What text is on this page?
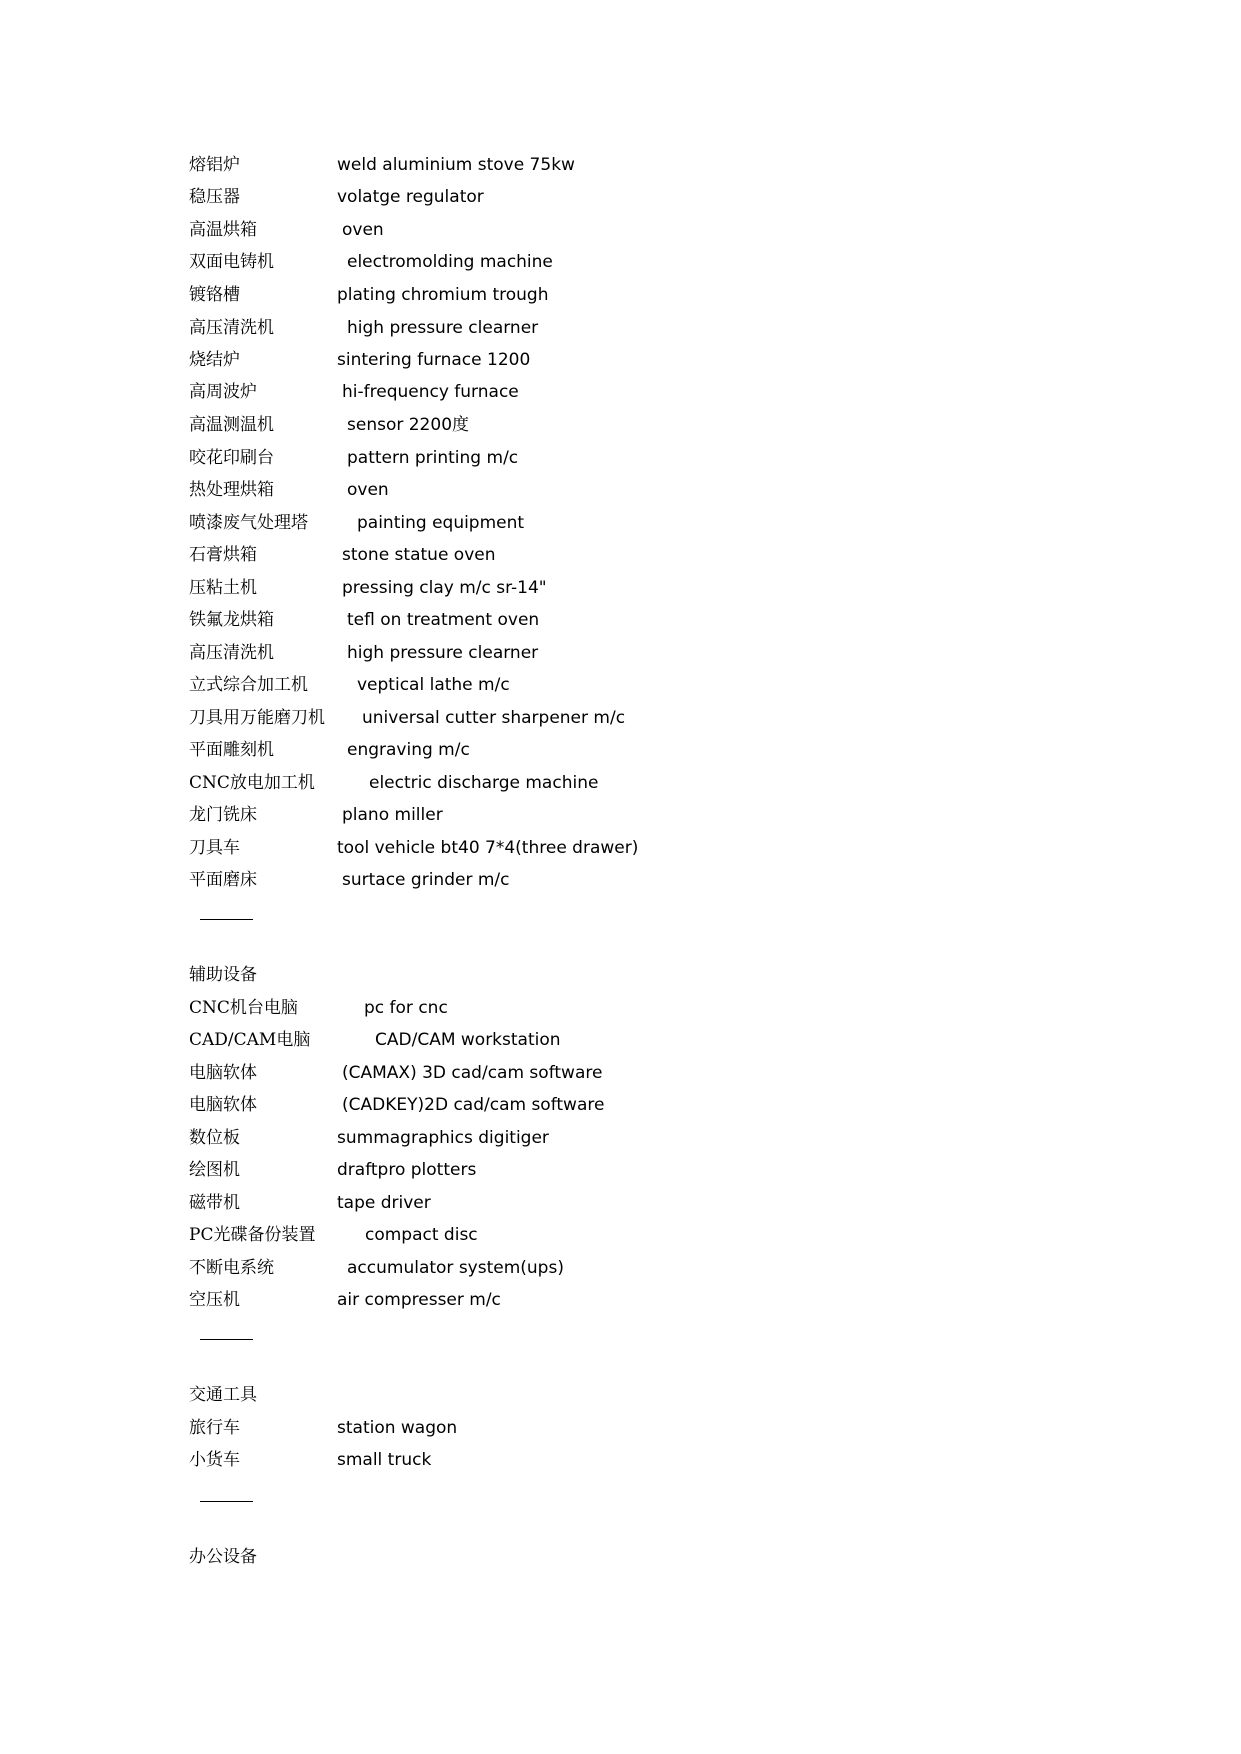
熔铝炉	weld aluminium stove 75kw
稳压器	volatge regulator
高温烘箱	oven
双面电铸机	electromolding machine
镀铬槽	plating chromium trough
高压清洗机	high pressure clearner
烧结炉	sintering furnace 1200
高周波炉	hi-frequency furnace
高温测温机	sensor 2200度
咬花印刷台	pattern printing m/c
热处理烘箱	oven
喷漆废气处理塔	painting equipment
石膏烘箱	stone statue oven
压粘土机	pressing clay m/c sr-14"
铁氟龙烘箱	tefl on treatment oven
高压清洗机	high pressure clearner
立式综合加工机	veptical lathe m/c
刀具用万能磨刀机 universal cutter sharpener m/c
平面雕刻机	engraving m/c
CNC放电加工机	electric discharge machine
龙门铣床	plano miller
刀具车	tool vehicle bt40 7*4(three drawer)
平面磨床	surtace grinder m/c
辅助设备
CNC机台电脑	pc for cnc
CAD/CAM电脑	CAD/CAM workstation
电脑软体	(CAMAX) 3D cad/cam software
电脑软体	(CADKEY)2D cad/cam software
数位板	summagraphics digitiger
绘图机	draftpro plotters
磁带机	tape driver
PC光碟备份装置	compact disc
不断电系统	accumulator system(ups)
空压机	air compresser m/c
交通工具
旅行车	station wagon
小货车	small truck
办公设备
